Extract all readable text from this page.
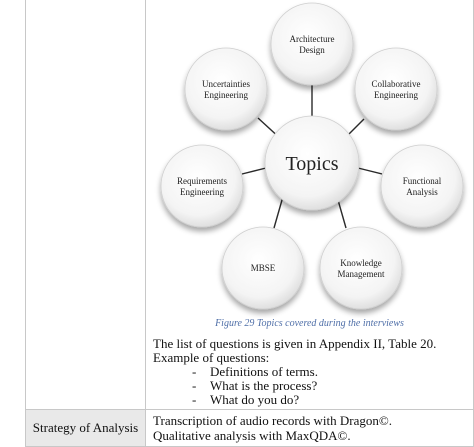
Strategy of Analysis
Architecture
Design
Collaborative
Engineering
Functional
Analysis
Knowledge
Management
MBSE
Requirements
Engineering
Uncertainties
Engineering
Topics
Figure 29 Topics covered during the interviews
The list of questions is given in Appendix II, Table 20.
Example of questions:
- Definitions of terms.
- What is the process?
- What do you do?
Transcription of audio records with Dragon©.
Qualitative analysis with MaxQDA©.
